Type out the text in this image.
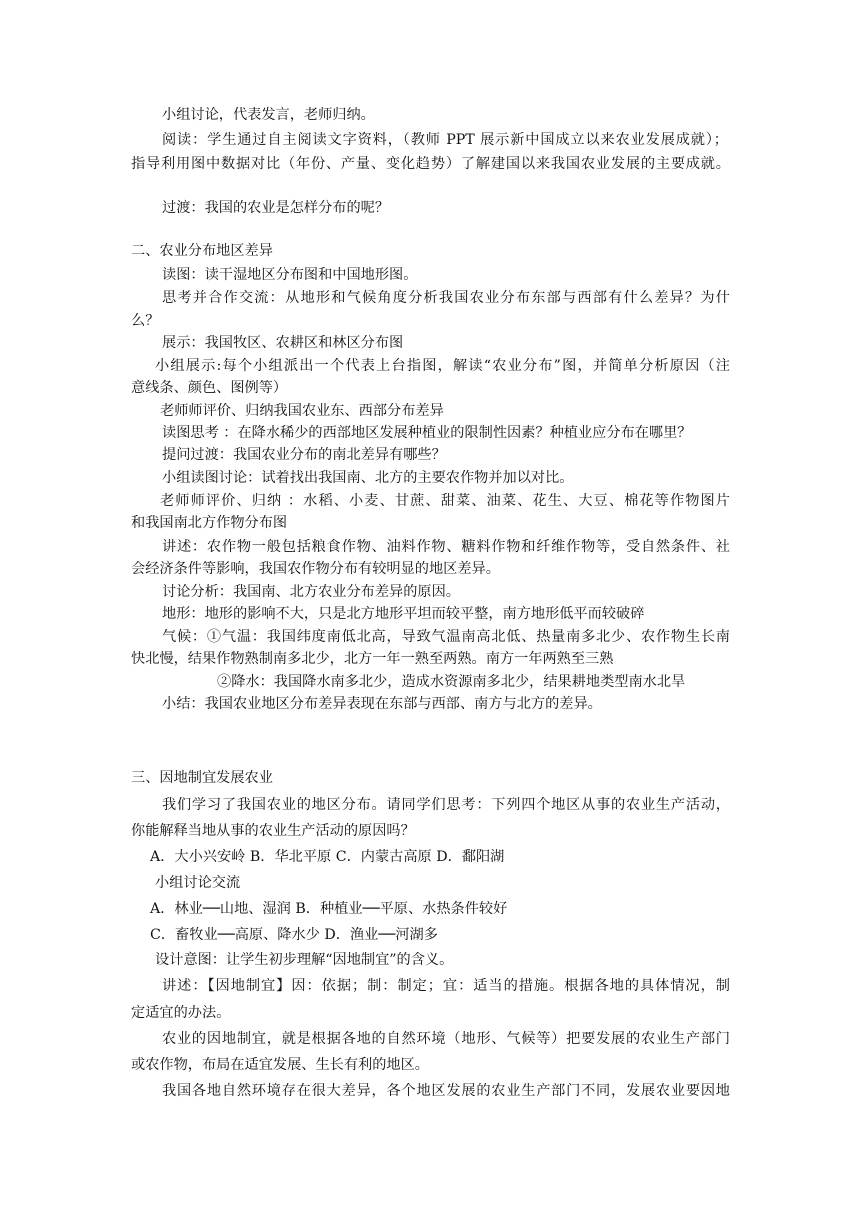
小组讨论，代表发言，老师归纳。
阅读：学生通过自主阅读文字资料，（教师 PPT 展示新中国成立以来农业发展成就）；
指导利用图中数据对比（年份、产量、变化趋势）了解建国以来我国农业发展的主要成就。
过渡：我国的农业是怎样分布的呢？
二、农业分布地区差异
读图：读干湿地区分布图和中国地形图。
思考并合作交流：从地形和气候角度分析我国农业分布东部与西部有什么差异？为什
么？
展示：我国牧区、农耕区和林区分布图
小组展示:每个小组派出一个代表上台指图，解读“农业分布”图，并简单分析原因（注
意线条、颜色、图例等）
老师师评价、归纳我国农业东、西部分布差异
读图思考 ：在降水稀少的西部地区发展种植业的限制性因素？种植业应分布在哪里？
提问过渡：我国农业分布的南北差异有哪些？
小组读图讨论：试着找出我国南、北方的主要农作物并加以对比。
老师师评价、归纳 ：水稻、小麦、甘蔗、甜菜、油菜、花生、大豆、棉花等作物图片
和我国南北方作物分布图
讲述：农作物一般包括粮食作物、油料作物、糖料作物和纤维作物等，受自然条件、社
会经济条件等影响，我国农作物分布有较明显的地区差异。
讨论分析：我国南、北方农业分布差异的原因。
地形：地形的影响不大，只是北方地形平坦而较平整，南方地形低平而较破碎
气候：①气温：我国纬度南低北高，导致气温南高北低、热量南多北少、农作物生长南
快北慢，结果作物熟制南多北少，北方一年一熟至两熟。南方一年两熟至三熟
②降水：我国降水南多北少，造成水资源南多北少，结果耕地类型南水北旱
小结：我国农业地区分布差异表现在东部与西部、南方与北方的差异。
三、因地制宜发展农业
我们学习了我国农业的地区分布。请同学们思考：下列四个地区从事的农业生产活动，
你能解释当地从事的农业生产活动的原因吗？
A．大小兴安岭 B．华北平原 C．内蒙古高原 D．鄱阳湖
小组讨论交流
A．林业──山地、湿润 B．种植业──平原、水热条件较好
C．畜牧业──高原、降水少 D．渔业──河湖多
设计意图：让学生初步理解“因地制宜”的含义。
讲述：【因地制宜】因：依据；制：制定；宜：适当的措施。根据各地的具体情况，制
定适宜的办法。
农业的因地制宜，就是根据各地的自然环境（地形、气候等）把要发展的农业生产部门
或农作物，布局在适宜发展、生长有利的地区。
我国各地自然环境存在很大差异，各个地区发展的农业生产部门不同，发展农业要因地
